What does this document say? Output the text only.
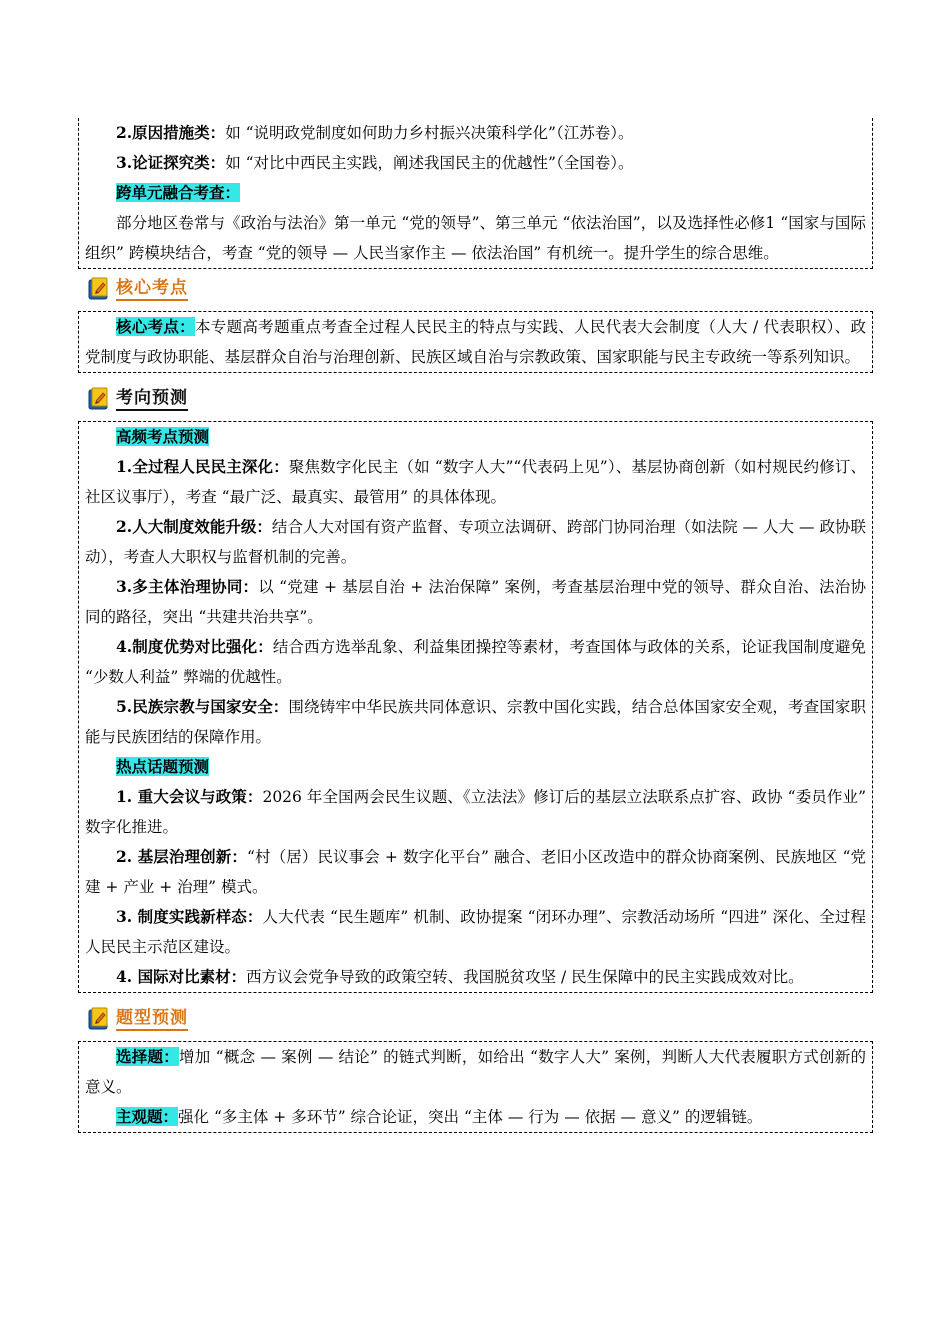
2.原因措施类：如 “说明政党制度如何助力乡村振兴决策科学化”（江苏卷）。

3.论证探究类：如 “对比中西民主实践，阐述我国民主的优越性”（全国卷）。

跨单元融合考查：

部分地区卷常与《政治与法治》第一单元 “党的领导”、第三单元 “依法治国”，以及选择性必修1 “国家与国际组织” 跨模块结合，考查 “党的领导 — 人民当家作主 — 依法治国” 有机统一。提升学生的综合思维。

核心考点

核心考点：本专题高考题重点考查全过程人民民主的特点与实践、人民代表大会制度（人大 / 代表职权）、政党制度与政协职能、基层群众自治与治理创新、民族区域自治与宗教政策、国家职能与民主专政统一等系列知识。

考向预测

高频考点预测

1.全过程人民民主深化：聚焦数字化民主（如 “数字人大”“代表码上见”）、基层协商创新（如村规民约修订、社区议事厅），考查 “最广泛、最真实、最管用” 的具体体现。

2.人大制度效能升级：结合人大对国有资产监督、专项立法调研、跨部门协同治理（如法院 — 人大 — 政协联动），考查人大职权与监督机制的完善。

3.多主体治理协同：以 “党建 + 基层自治 + 法治保障” 案例，考查基层治理中党的领导、群众自治、法治协同的路径，突出 “共建共治共享”。

4.制度优势对比强化：结合西方选举乱象、利益集团操控等素材，考查国体与政体的关系，论证我国制度避免 “少数人利益” 弊端的优越性。

5.民族宗教与国家安全：围绕铸牢中华民族共同体意识、宗教中国化实践，结合总体国家安全观，考查国家职能与民族团结的保障作用。

热点话题预测

1. 重大会议与政策：2026 年全国两会民生议题、《立法法》修订后的基层立法联系点扩容、政协 “委员作业” 数字化推进。

2. 基层治理创新：“村（居）民议事会 + 数字化平台” 融合、老旧小区改造中的群众协商案例、民族地区 “党建 + 产业 + 治理” 模式。

3. 制度实践新样态：人大代表 “民生题库” 机制、政协提案 “闭环办理”、宗教活动场所 “四进” 深化、全过程人民民主示范区建设。

4. 国际对比素材：西方议会党争导致的政策空转、我国脱贫攻坚 / 民生保障中的民主实践成效对比。

题型预测

选择题：增加 “概念 — 案例 — 结论” 的链式判断，如给出 “数字人大” 案例，判断人大代表履职方式创新的意义。

主观题：强化 “多主体 + 多环节” 综合论证，突出 “主体 — 行为 — 依据 — 意义” 的逻辑链。
